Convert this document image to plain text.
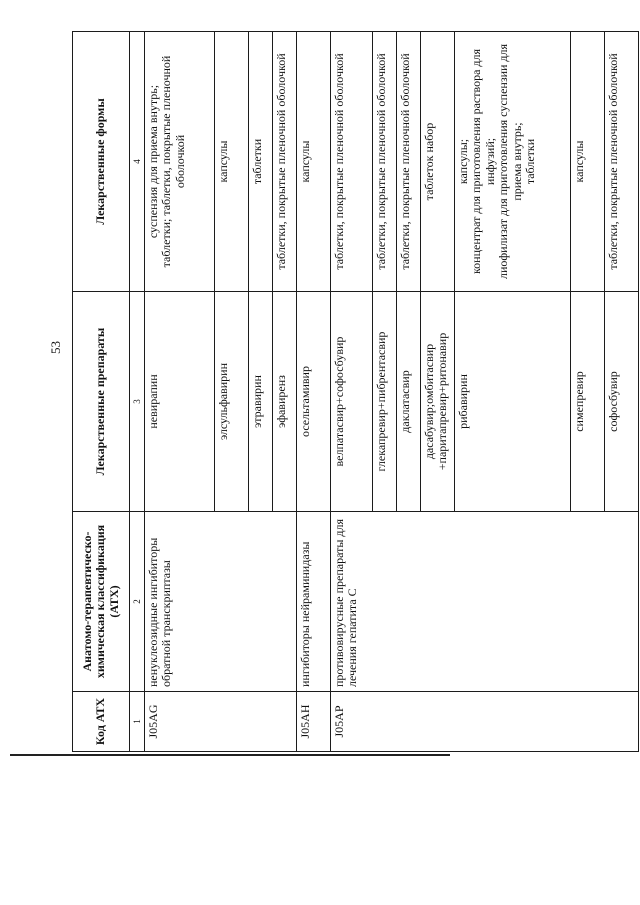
53
Код АТХ	Анатомо-терапевтическо-химическая классификация (АТХ)	Лекарственные препараты	Лекарственные формы
1	2	3	4
J05AG	ненуклеозидные ингибиторы обратной транскриптазы	невирапин	суспензия для приема внутрь; таблетки; таблетки, покрытые пленочной оболочкой

		элсульфавирин	капсулы
		этравирин	таблетки
		эфавиренз	таблетки, покрытые пленочной оболочкой
J05AH	ингибиторы нейраминидазы	осельтамивир	капсулы
J05AP	противовирусные препараты для лечения гепатита С	велпатасвир+софосбувир	таблетки, покрытые пленочной оболочкой
		глекапревир+пибрентасвир	таблетки, покрытые пленочной оболочкой
		даклатасвир	таблетки, покрытые пленочной оболочкой
		дасабувир;омбитасвир +паритапревир+ритонавир	таблеток набор
		рибавирин	капсулы; концентрат для приготовления раствора для инфузий; лиофилизат для приготовления суспензии для приема внутрь; таблетки

		симепревир	капсулы
		софосбувир	таблетки, покрытые пленочной оболочкой
